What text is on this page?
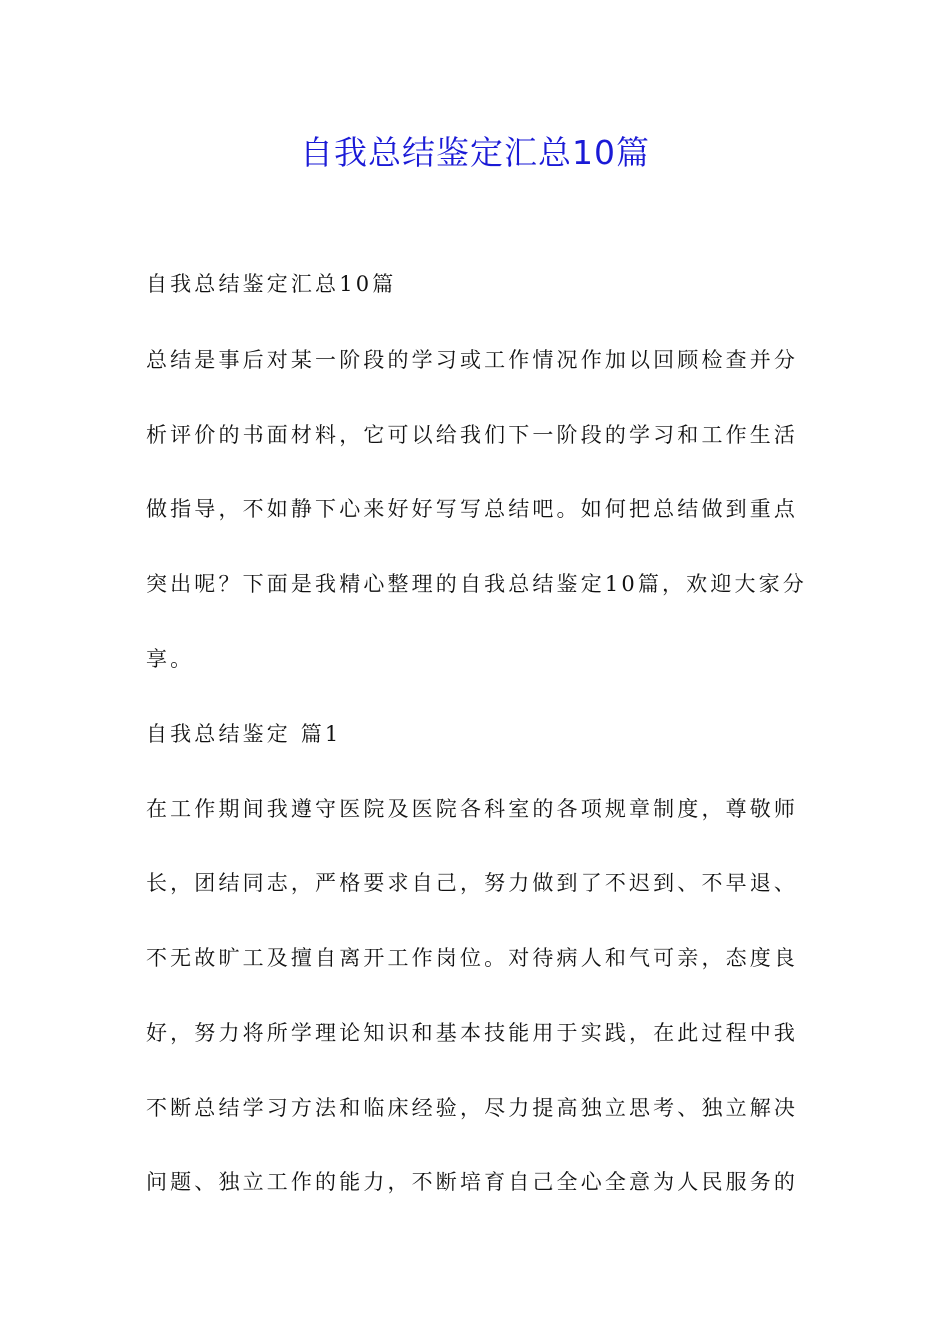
自我总结鉴定汇总10篇

自我总结鉴定汇总10篇

总结是事后对某一阶段的学习或工作情况作加以回顾检查并分

析评价的书面材料，它可以给我们下一阶段的学习和工作生活

做指导，不如静下心来好好写写总结吧。如何把总结做到重点

突出呢？下面是我精心整理的自我总结鉴定10篇，欢迎大家分

享。

自我总结鉴定 篇1

在工作期间我遵守医院及医院各科室的各项规章制度，尊敬师

长，团结同志，严格要求自己，努力做到了不迟到、不早退、

不无故旷工及擅自离开工作岗位。对待病人和气可亲，态度良

好，努力将所学理论知识和基本技能用于实践，在此过程中我

不断总结学习方法和临床经验，尽力提高独立思考、独立解决

问题、独立工作的能力，不断培育自己全心全意为人民服务的
